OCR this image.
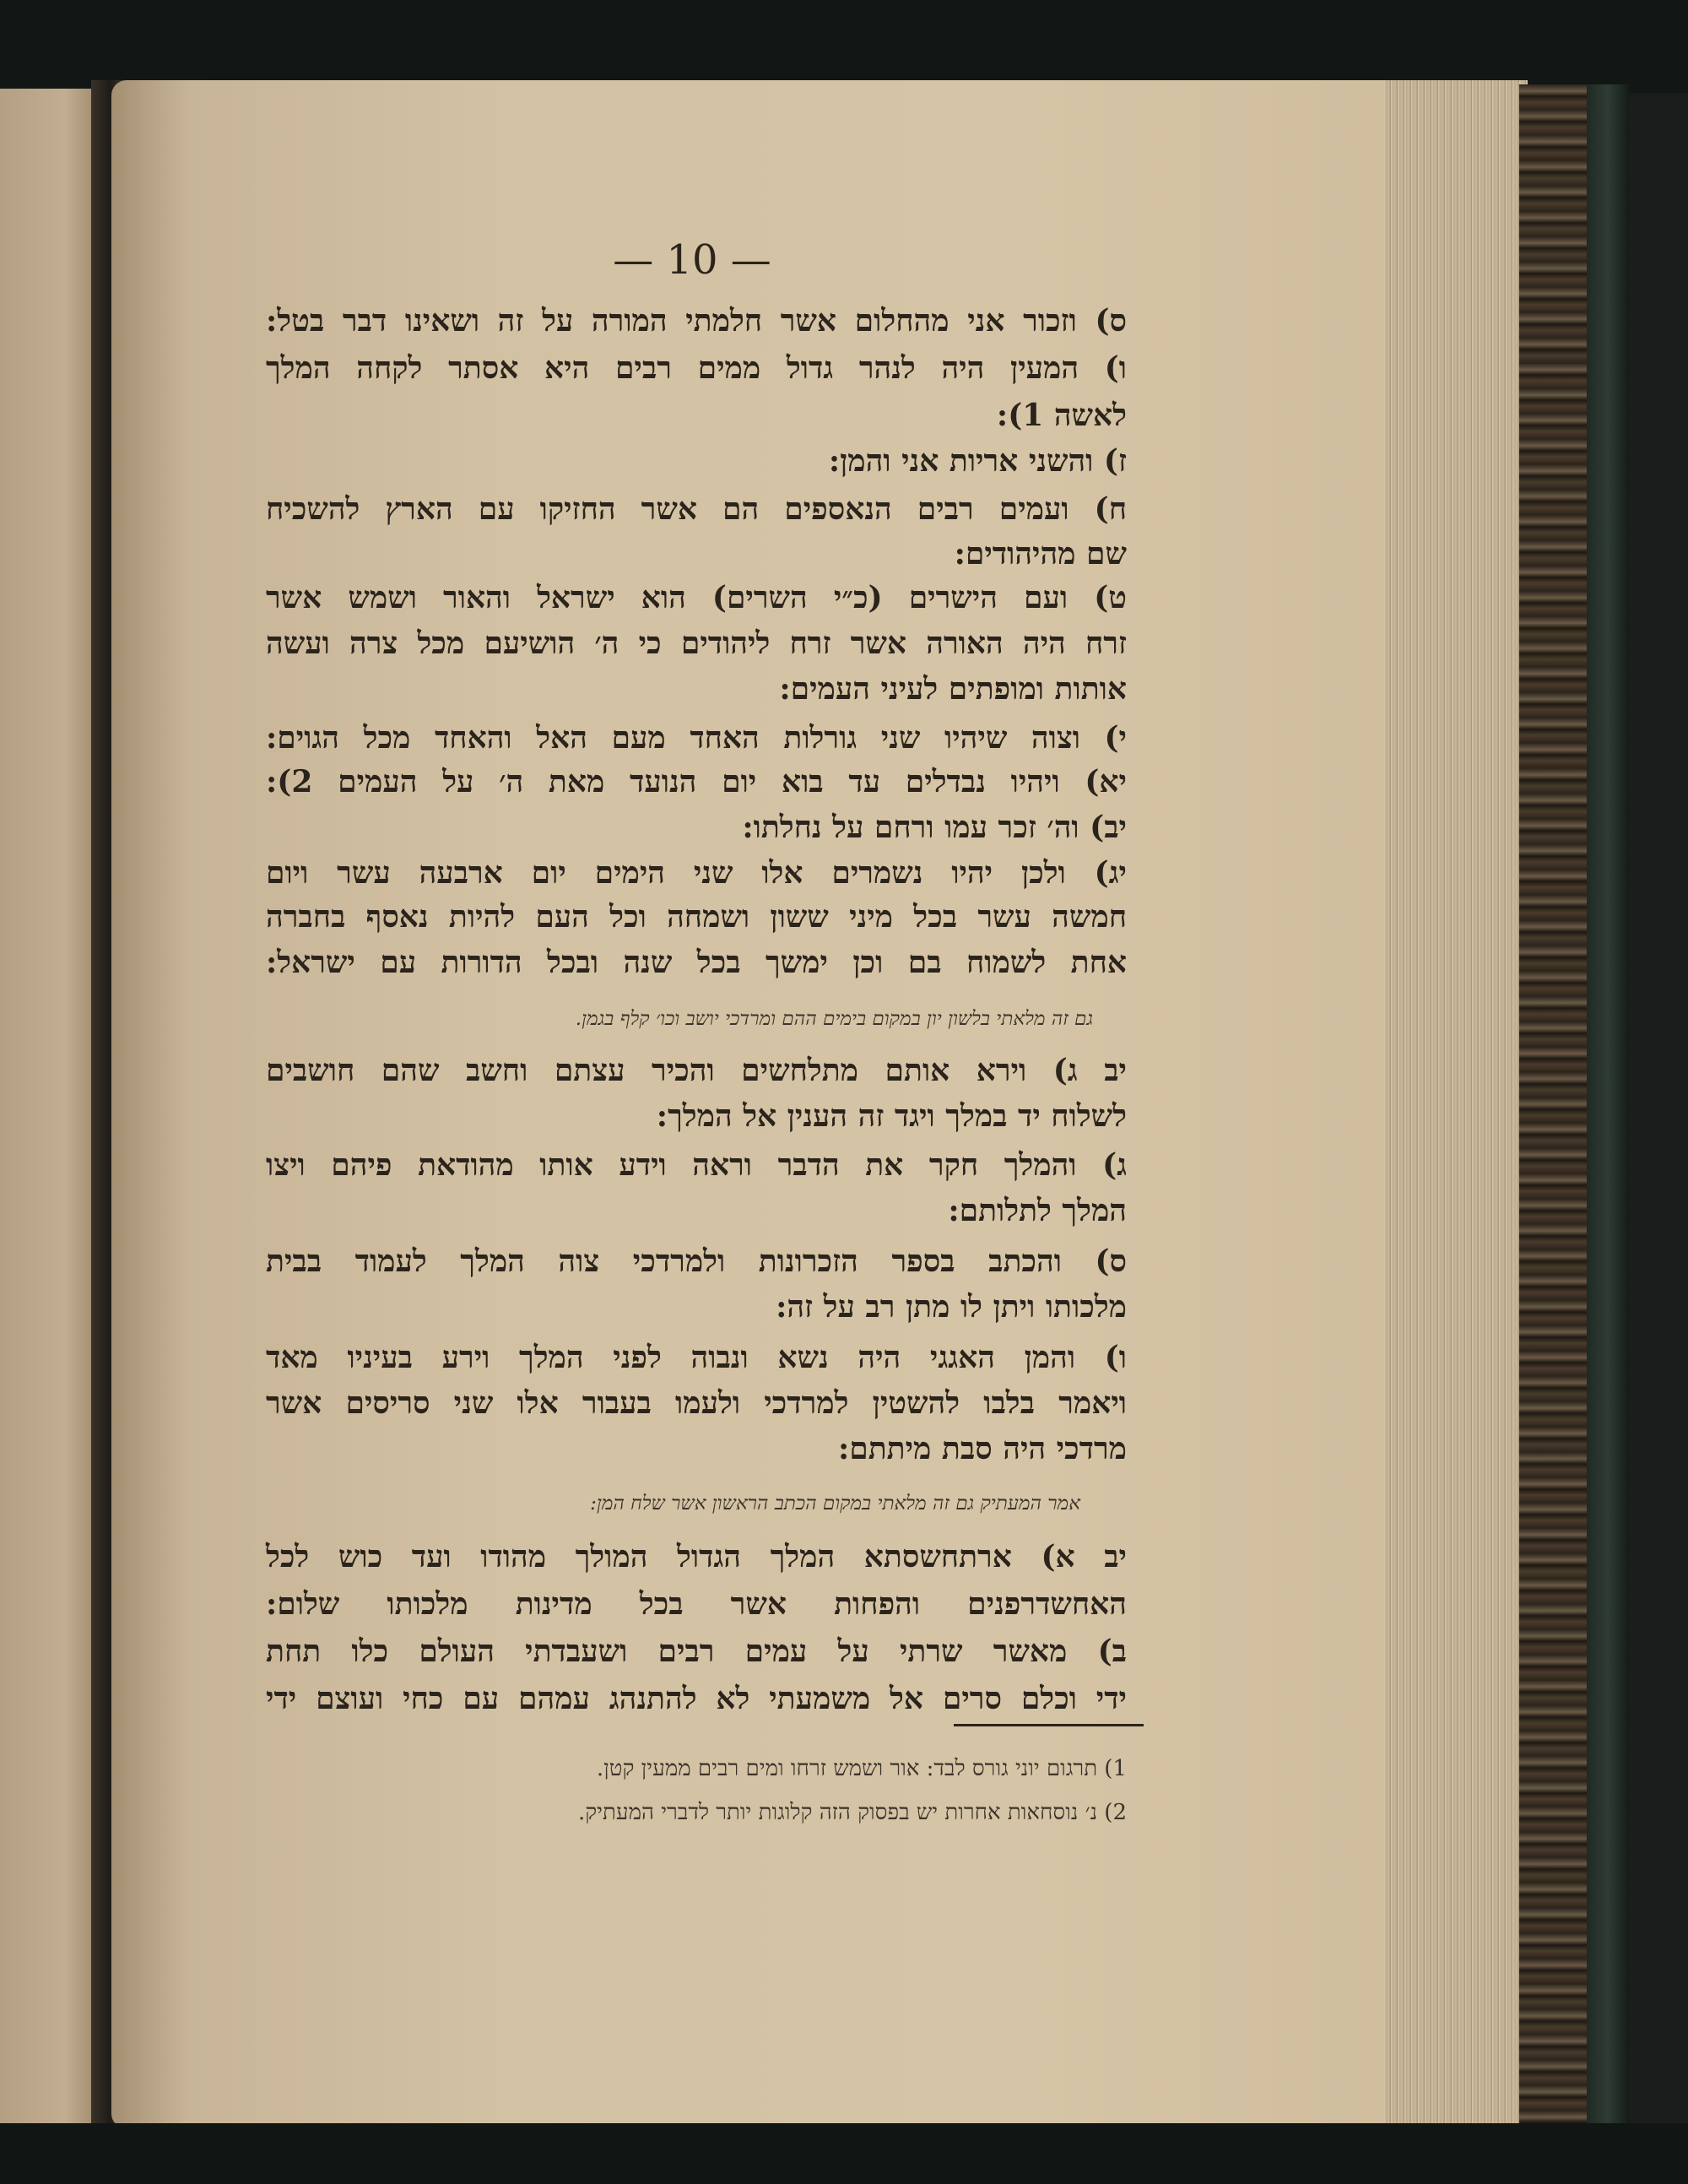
— 10 —
ס) וזכור אני מהחלום אשר חלמתי המורה על זה ושאינו דבר בטל:
ו) המעין היה לנהר גדול ממים רבים היא אסתר לקחה המלך
לאשה 1):
ז) והשני אריות אני והמן:
ח) ועמים רבים הנאספים הם אשר החזיקו עם הארץ להשכיח
שם מהיהודים:
ט) ועם הישרים (כ״י השרים) הוא ישראל והאור ושמש אשר
זרח היה האורה אשר זרח ליהודים כי ה׳ הושיעם מכל צרה ועשה
אותות ומופתים לעיני העמים:
י) וצוה שיהיו שני גורלות האחד מעם האל והאחד מכל הגוים:
יא) ויהיו נבדלים עד בוא יום הנועד מאת ה׳ על העמים 2):
יב) וה׳ זכר עמו ורחם על נחלתו:
יג) ולכן יהיו נשמרים אלו שני הימים יום ארבעה עשר ויום
חמשה עשר בכל מיני ששון ושמחה וכל העם להיות נאסף בחברה
אחת לשמוח בם וכן ימשך בכל שנה ובכל הדורות עם ישראל:
יב ג) וירא אותם מתלחשים והכיר עצתם וחשב שהם חושבים
לשלוח יד במלך ויגד זה הענין אל המלך:
ג) והמלך חקר את הדבר וראה וידע אותו מהודאת פיהם ויצו
המלך לתלותם:
ס) והכתב בספר הזכרונות ולמרדכי צוה המלך לעמוד בבית
מלכותו ויתן לו מתן רב על זה:
ו) והמן האגגי היה נשא ונבוה לפני המלך וירע בעיניו מאד
ויאמר בלבו להשטין למרדכי ולעמו בעבור אלו שני סריסים אשר
מרדכי היה סבת מיתתם:
יב א) ארתחשסתא המלך הגדול המולך מהודו ועד כוש לכל
האחשדרפנים והפחות אשר בכל מדינות מלכותו שלום:
ב) מאשר שרתי על עמים רבים ושעבדתי העולם כלו תחת
ידי וכלם סרים אל משמעתי לא להתנהג עמהם עם כחי ועוצם ידי
גם זה מלאתי בלשון יון במקום בימים ההם ומרדכי יושב וכו׳ קלף בגמן.
אמר המעתיק גם זה מלאתי במקום הכתב הראשון אשר שלח המן:
1) תרגום יוני גורס לבד: אור ושמש זרחו ומים רבים ממעין קטן.
2) נ׳ נוסחאות אחרות יש בפסוק הזה קלוגות יותר לדברי המעתיק.
